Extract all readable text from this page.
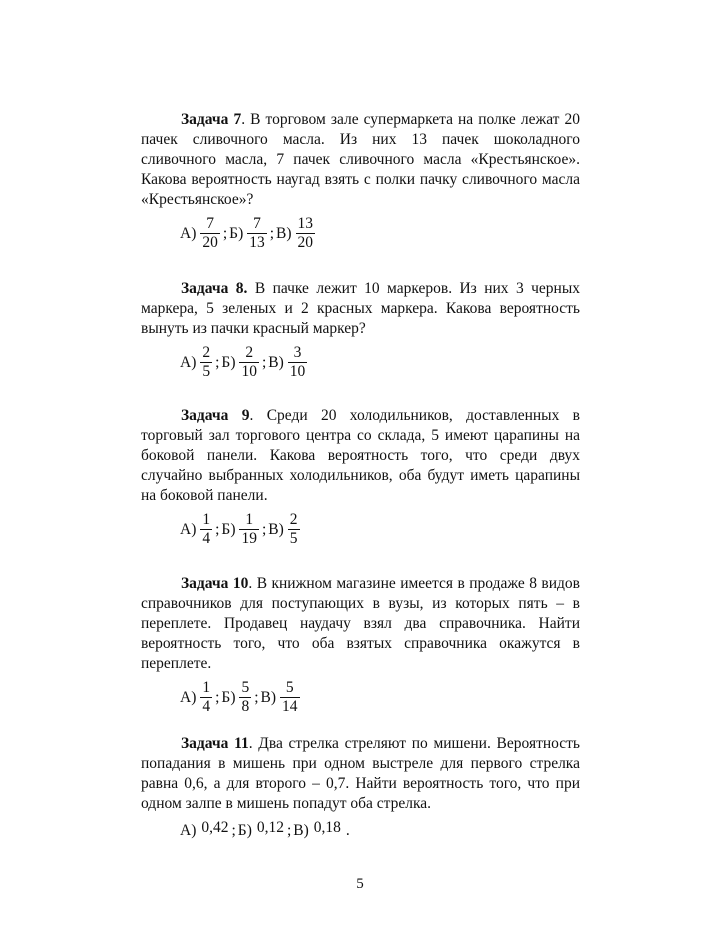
Задача 7. В торговом зале супермаркета на полке лежат 20 пачек сливочного масла. Из них 13 пачек шоколадного сливочного масла, 7 пачек сливочного масла «Крестьянское». Какова вероятность наугад взять с полки пачку сливочного масла «Крестьянское»?

$А) \frac{7}{20}$ ; $Б) \frac{7}{13}$ ; $В) \frac{13}{20}$

Задача 8. В пачке лежит 10 маркеров. Из них 3 черных маркера, 5 зеленых и 2 красных маркера. Какова вероятность вынуть из пачки красный маркер?

$А) \frac{2}{5}$ ; $Б) \frac{2}{10}$ ; $В) \frac{3}{10}$

Задача 9. Среди 20 холодильников, доставленных в торговый зал торгового центра со склада, 5 имеют царапины на боковой панели. Какова вероятность того, что среди двух случайно выбранных холодильников, оба будут иметь царапины на боковой панели.

$А) \frac{1}{4}$ ; $Б) \frac{1}{19}$ ; $В) \frac{2}{5}$

Задача 10. В книжном магазине имеется в продаже 8 видов справочников для поступающих в вузы, из которых пять – в переплете. Продавец наудачу взял два справочника. Найти вероятность того, что оба взятых справочника окажутся в переплете.

$А) \frac{1}{4}$ ; $Б) \frac{5}{8}$ ; $В) \frac{5}{14}$

Задача 11. Два стрелка стреляют по мишени. Вероятность попадания в мишень при одном выстреле для первого стрелка равна 0,6, а для второго – 0,7. Найти вероятность того, что при одном залпе в мишень попадут оба стрелка.

А) 0,42 ; Б) 0,12 ; В) 0,18 .
5
